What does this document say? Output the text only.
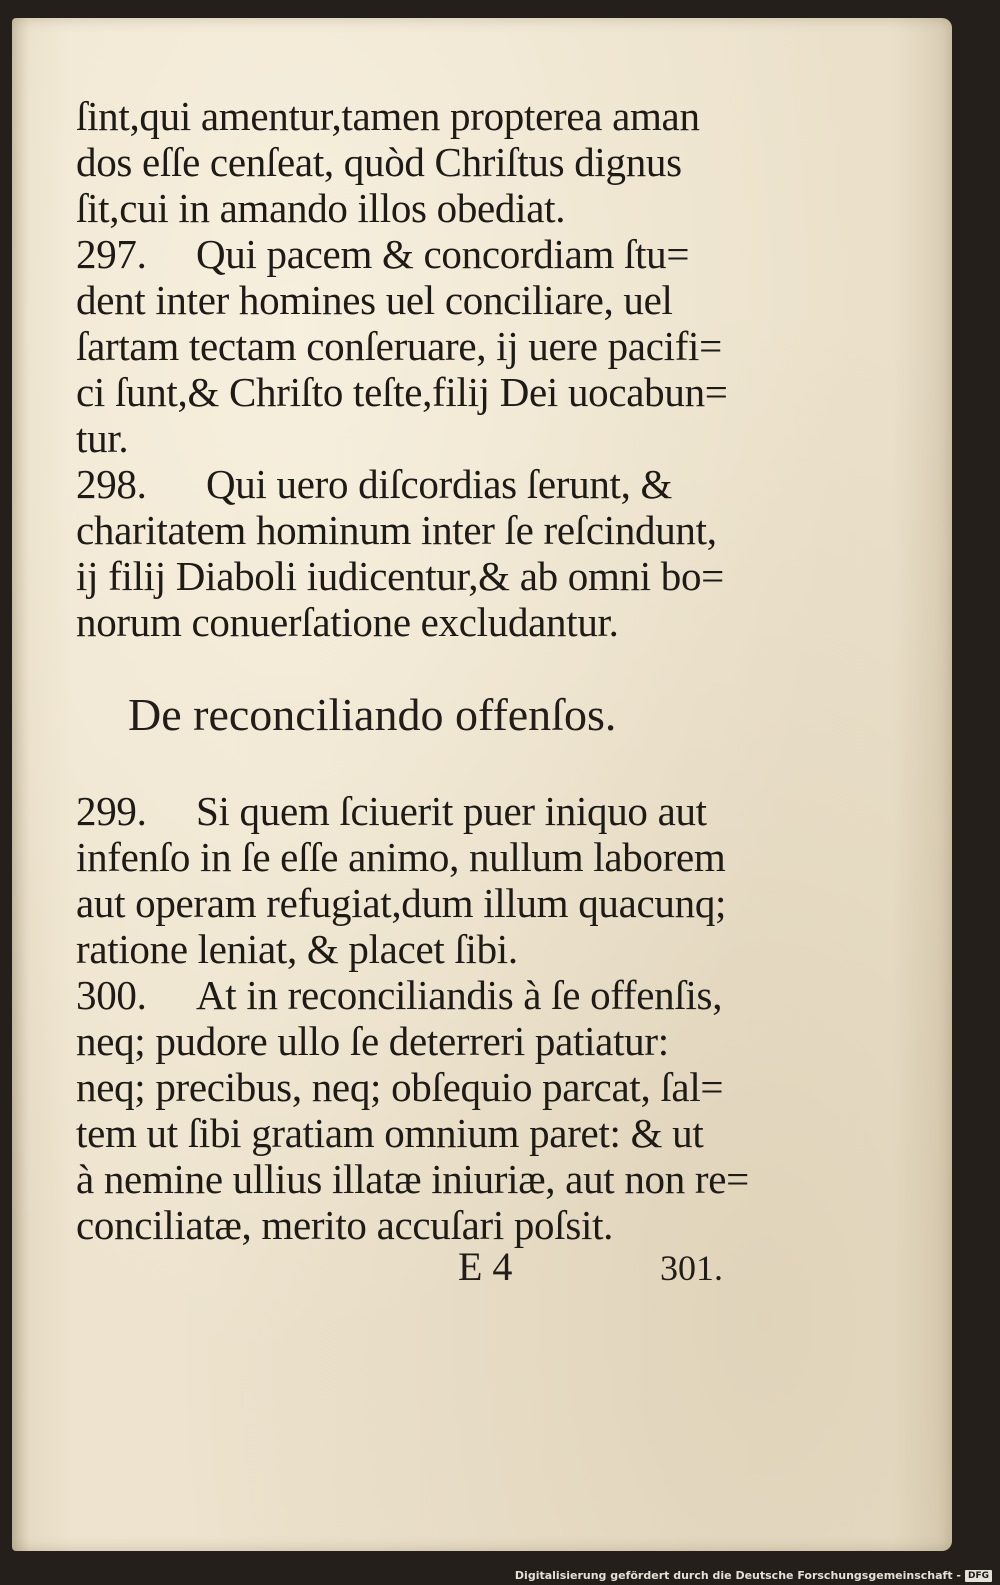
ſint,qui amentur,tamen propterea aman
dos eſſe cenſeat, quòd Chriſtus dignus
ſit,cui in amando illos obediat.
297. Qui pacem & concordiam ſtu=
dent inter homines uel conciliare, uel
ſartam tectam conſeruare, ij uere pacifi=
ci ſunt,& Chriſto teſte,filij Dei uocabun=
tur.
298. Qui uero diſcordias ſerunt, &
charitatem hominum inter ſe reſcindunt,
ij filij Diaboli iudicentur,& ab omni bo=
norum conuerſatione excludantur.
De reconciliando offenſos.
299. Si quem ſciuerit puer iniquo aut
infenſo in ſe eſſe animo, nullum laborem
aut operam refugiat,dum illum quacunq;
ratione leniat, & placet ſibi.
300. At in reconciliandis à ſe offenſis,
neq; pudore ullo ſe deterreri patiatur:
neq; precibus, neq; obſequio parcat, ſal=
tem ut ſibi gratiam omnium paret: & ut
à nemine ullius illatæ iniuriæ, aut non re=
conciliatæ, merito accuſari poſsit.
E 4	301.
Digitalisierung gefördert durch die Deutsche Forschungsgemeinschaft - DFG
